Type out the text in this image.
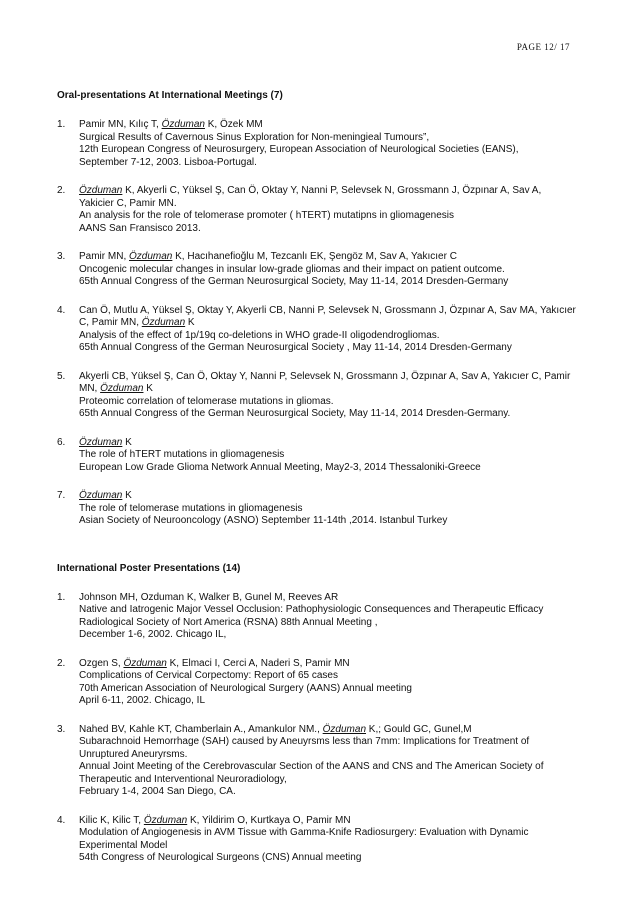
PAGE 12/ 17
Oral-presentations At International Meetings (7)
1. Pamir MN, Kılıç T, Özduman K, Özek MM
Surgical Results of Cavernous Sinus Exploration for Non-meningieal Tumours”,
12th European Congress of Neurosurgery, European Association of Neurological Societies (EANS),
September 7-12, 2003. Lisboa-Portugal.
2. Özduman K, Akyerli C, Yüksel Ş, Can Ö, Oktay Y, Nanni P, Selevsek N, Grossmann J, Özpınar A, Sav A, Yakicier C, Pamir MN.
An analysis for the role of telomerase promoter ( hTERT) mutatipns in gliomagenesis
AANS San Fransisco 2013.
3. Pamir MN, Özduman K, Hacıhanefioğlu M, Tezcanlı EK, Şengöz M, Sav A, Yakıcıer C
Oncogenic molecular changes in insular low-grade gliomas and their impact on patient outcome.
65th Annual Congress of the German Neurosurgical Society, May 11-14, 2014 Dresden-Germany
4. Can Ö, Mutlu A, Yüksel Ş, Oktay Y, Akyerli CB, Nanni P, Selevsek N, Grossmann J, Özpınar A, Sav MA, Yakıcıer C, Pamir MN, Özduman K
Analysis of the effect of 1p/19q co-deletions in WHO grade-II oligodendrogliomas.
65th Annual Congress of the German Neurosurgical Society , May 11-14, 2014 Dresden-Germany
5. Akyerli CB, Yüksel Ş, Can Ö, Oktay Y, Nanni P, Selevsek N, Grossmann J, Özpınar A, Sav A, Yakıcıer C, Pamir MN, Özduman K
Proteomic correlation of telomerase mutations in gliomas.
65th Annual Congress of the German Neurosurgical Society, May 11-14, 2014 Dresden-Germany.
6. Özduman K
The role of hTERT mutations in gliomagenesis
European Low Grade Glioma Network Annual Meeting, May2-3, 2014 Thessaloniki-Greece
7. Özduman K
The role of telomerase mutations in gliomagenesis
Asian Society of Neurooncology (ASNO) September 11-14th ,2014. Istanbul Turkey
International Poster Presentations (14)
1. Johnson MH, Ozduman K, Walker B, Gunel M, Reeves AR
Native and Iatrogenic Major Vessel Occlusion: Pathophysiologic Consequences and Therapeutic Efficacy
Radiological Society of Nort America (RSNA) 88th Annual Meeting ,
December 1-6, 2002. Chicago IL,
2. Ozgen S, Özduman K, Elmaci I, Cerci A, Naderi S, Pamir MN
Complications of Cervical Corpectomy: Report of 65 cases
70th American Association of Neurological Surgery (AANS) Annual meeting
April 6-11, 2002. Chicago, IL
3. Nahed BV, Kahle KT, Chamberlain A., Amankulor NM., Özduman K,; Gould GC, Gunel,M
Subarachnoid Hemorrhage (SAH) caused by Aneuyrsms less than 7mm: Implications for Treatment of
Unruptured Aneuryrsms.
Annual Joint Meeting of the Cerebrovascular Section of the AANS and CNS and The American Society of
Therapeutic and Interventional Neuroradiology,
February 1-4, 2004 San Diego, CA.
4. Kilic K, Kilic T, Özduman K, Yildirim O, Kurtkaya O, Pamir MN
Modulation of Angiogenesis in AVM Tissue with Gamma-Knife Radiosurgery: Evaluation with Dynamic
Experimental Model
54th Congress of Neurological Surgeons (CNS) Annual meeting
